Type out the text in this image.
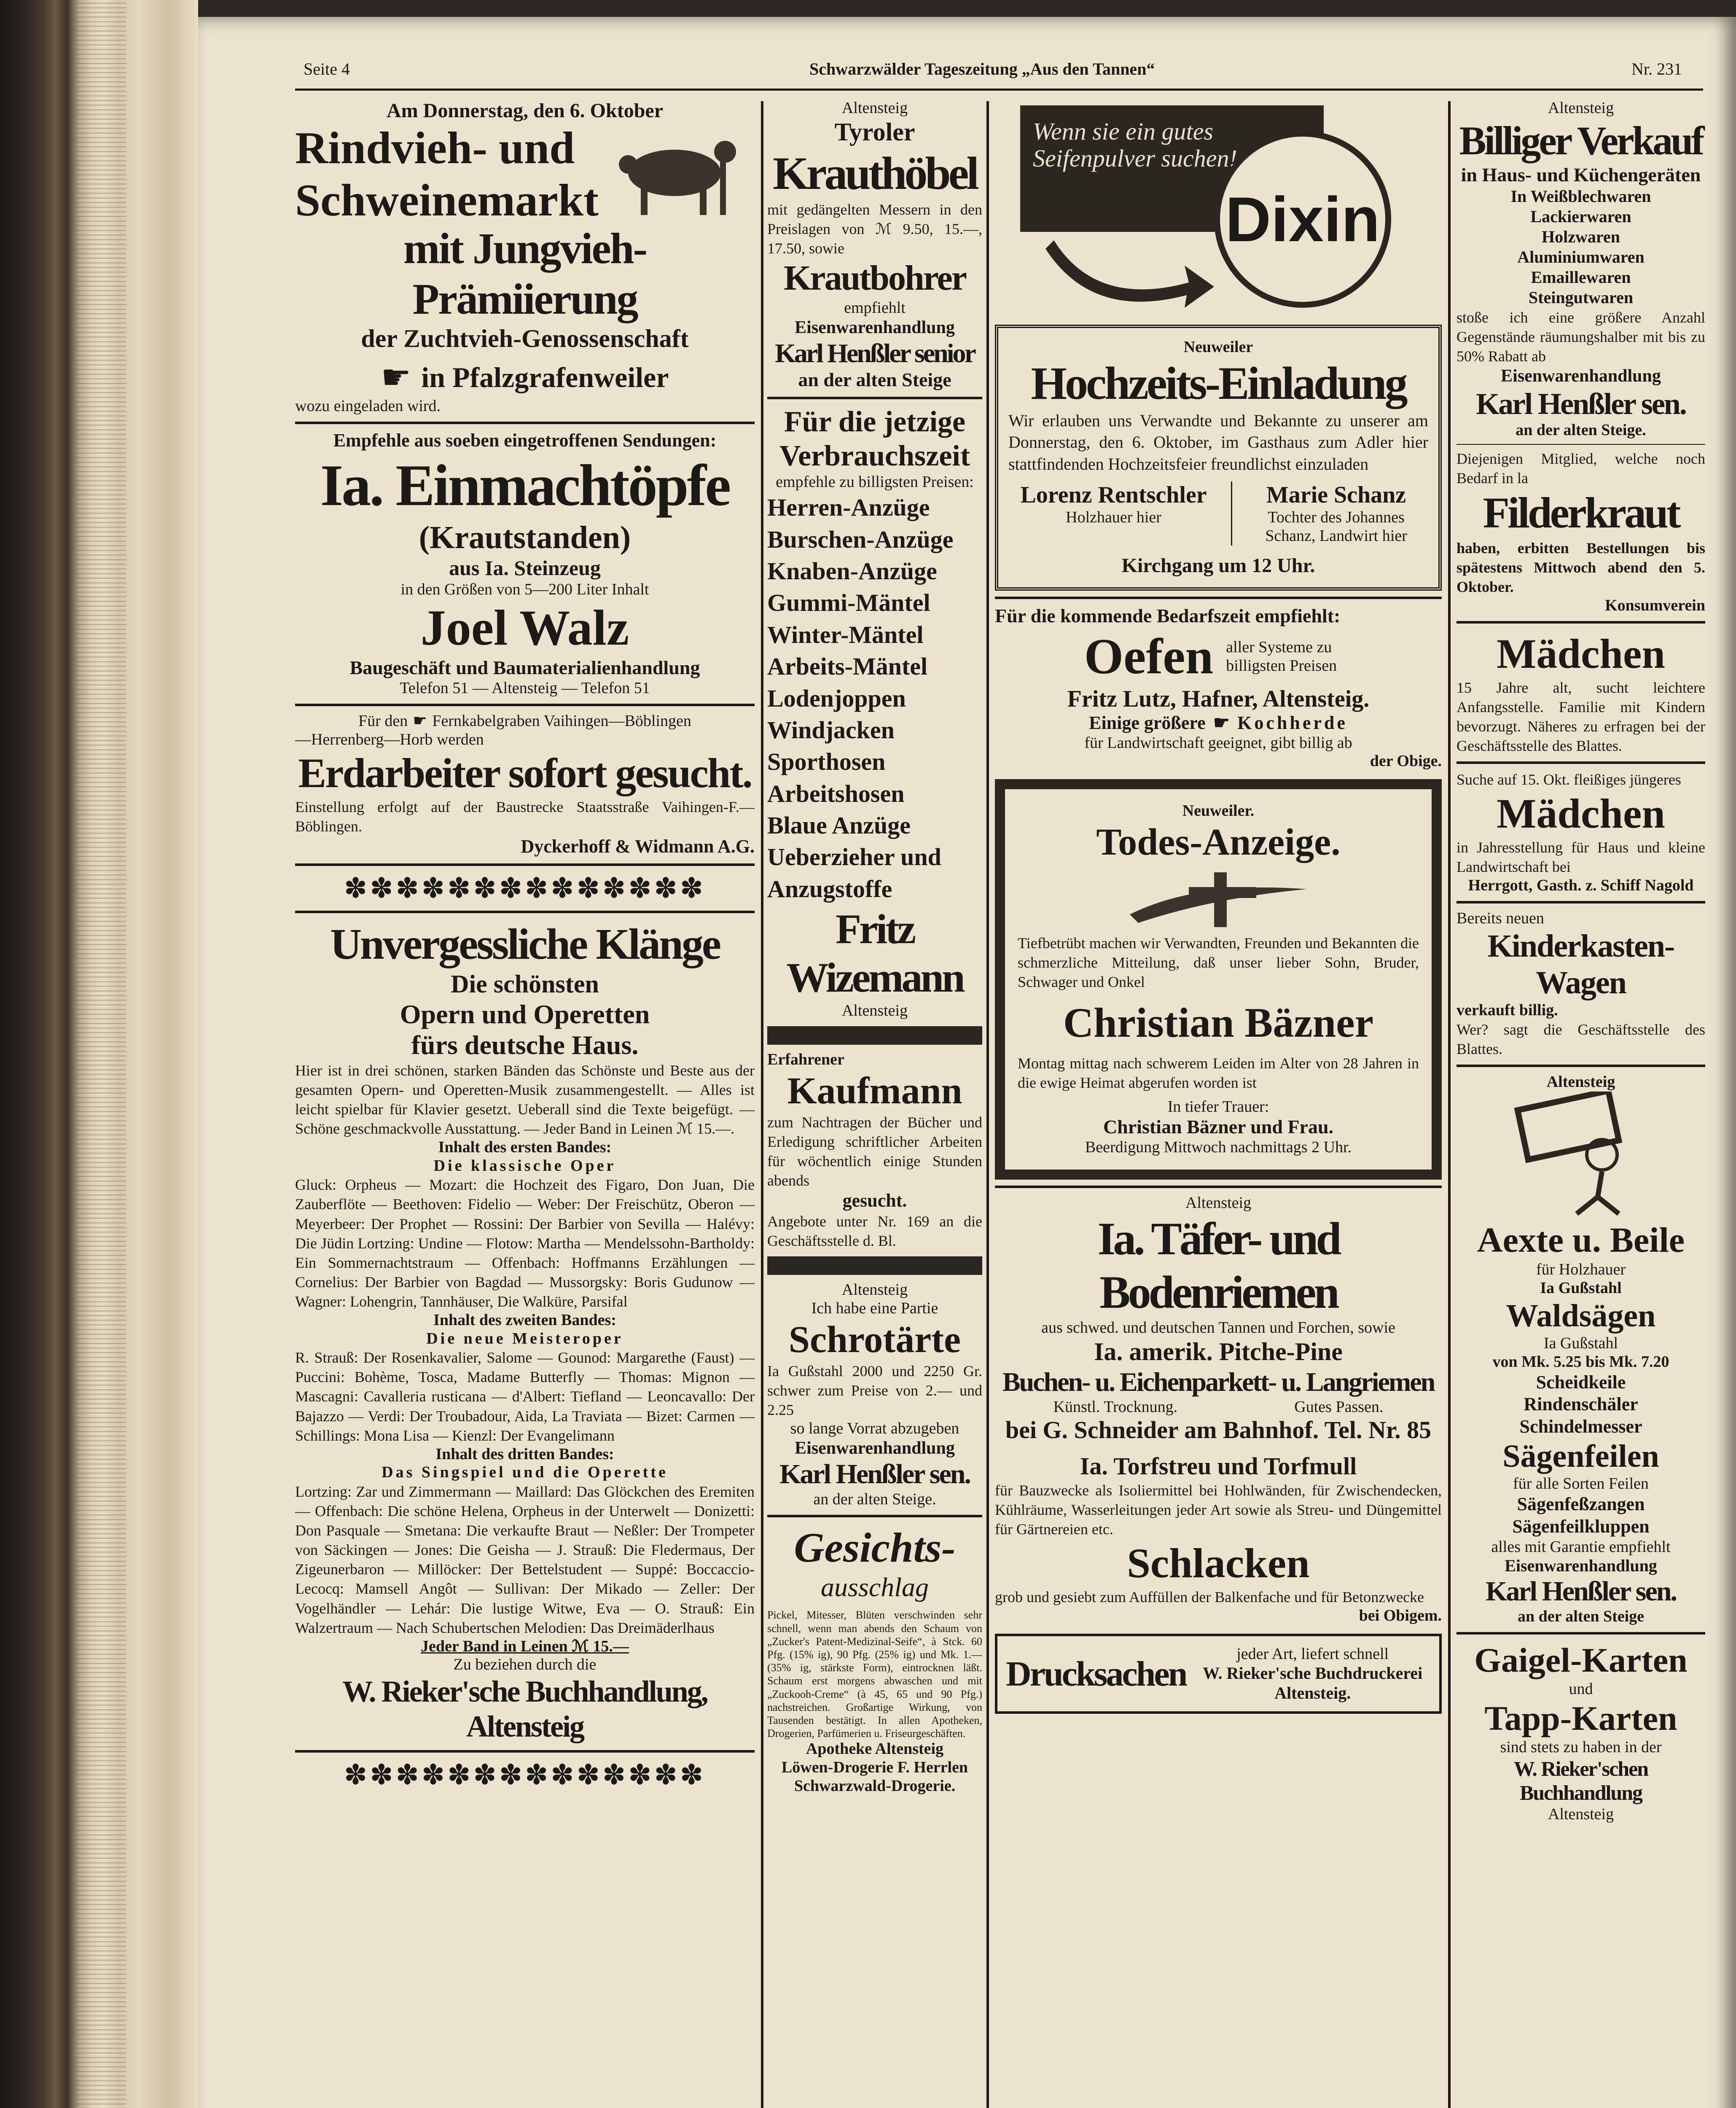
Seite 4	Schwarzwälder Tageszeitung „Aus den Tannen“	Nr. 231
Am Donnerstag, den 6. Oktober
Rindvieh- und
Schweinemarkt
mit Jungvieh-Prämiierung
der Zuchtvieh-Genossenschaft
☛ in Pfalzgrafenweiler
wozu eingeladen wird.
Empfehle aus soeben eingetroffenen Sendungen:
Ia. Einmachtöpfe
(Krautstanden)
aus Ia. Steinzeug
in den Größen von 5—200 Liter Inhalt
Joel Walz
Baugeschäft und Baumaterialienhandlung
Telefon 51 — Altensteig — Telefon 51
Für den ☛ Fernkabelgraben Vaihingen—Böblingen
—Herrenberg—Horb werden
Erdarbeiter sofort gesucht.
Einstellung erfolgt auf der Baustrecke Staatsstraße Vaihingen-F.—Böblingen.
Dyckerhoff & Widmann A.G.
✽✽✽✽✽✽✽✽✽✽✽✽✽✽
Unvergessliche Klänge
Die schönsten
Opern und Operetten
fürs deutsche Haus.
Hier ist in drei schönen, starken Bänden das Schönste und Beste aus der gesamten Opern- und Operetten-Musik zusammengestellt. — Alles ist leicht spielbar für Klavier gesetzt. Ueberall sind die Texte beigefügt. — Schöne geschmackvolle Ausstattung. — Jeder Band in Leinen ℳ 15.—.
Inhalt des ersten Bandes:
Die klassische Oper
Gluck: Orpheus — Mozart: die Hochzeit des Figaro, Don Juan, Die Zauberflöte — Beethoven: Fidelio — Weber: Der Freischütz, Oberon — Meyerbeer: Der Prophet — Rossini: Der Barbier von Sevilla — Halévy: Die Jüdin Lortzing: Undine — Flotow: Martha — Mendelssohn-Bartholdy: Ein Sommernachtstraum — Offenbach: Hoffmanns Erzählungen — Cornelius: Der Barbier von Bagdad — Mussorgsky: Boris Gudunow — Wagner: Lohengrin, Tannhäuser, Die Walküre, Parsifal
Inhalt des zweiten Bandes:
Die neue Meisteroper
R. Strauß: Der Rosenkavalier, Salome — Gounod: Margarethe (Faust) — Puccini: Bohème, Tosca, Madame Butterfly — Thomas: Mignon — Mascagni: Cavalleria rusticana — d'Albert: Tiefland — Leoncavallo: Der Bajazzo — Verdi: Der Troubadour, Aida, La Traviata — Bizet: Carmen — Schillings: Mona Lisa — Kienzl: Der Evangelimann
Inhalt des dritten Bandes:
Das Singspiel und die Operette
Lortzing: Zar und Zimmermann — Maillard: Das Glöckchen des Eremiten — Offenbach: Die schöne Helena, Orpheus in der Unterwelt — Donizetti: Don Pasquale — Smetana: Die verkaufte Braut — Neßler: Der Trompeter von Säckingen — Jones: Die Geisha — J. Strauß: Die Fledermaus, Der Zigeunerbaron — Millöcker: Der Bettelstudent — Suppé: Boccaccio-Lecocq: Mamsell Angôt — Sullivan: Der Mikado — Zeller: Der Vogelhändler — Lehár: Die lustige Witwe, Eva — O. Strauß: Ein Walzertraum — Nach Schubertschen Melodien: Das Dreimäderlhaus
Jeder Band in Leinen ℳ 15.—
Zu beziehen durch die
W. Rieker'sche Buchhandlung, Altensteig
✽✽✽✽✽✽✽✽✽✽✽✽✽✽
Altensteig
Tyroler
Krauthöbel
mit gedängelten Messern in den Preislagen von ℳ 9.50, 15.—, 17.50, sowie
Krautbohrer
empfiehlt
Eisenwarenhandlung
Karl Henßler senior
an der alten Steige
Für die jetzige Verbrauchszeit
empfehle zu billigsten Preisen:
Herren-Anzüge
Burschen-Anzüge
Knaben-Anzüge
Gummi-Mäntel
Winter-Mäntel
Arbeits-Mäntel
Lodenjoppen
Windjacken
Sporthosen
Arbeitshosen
Blaue Anzüge
Ueberzieher und Anzugstoffe
Fritz Wizemann
Altensteig
Erfahrener
Kaufmann
zum Nachtragen der Bücher und Erledigung schriftlicher Arbeiten für wöchentlich einige Stunden abends
gesucht.
Angebote unter Nr. 169 an die Geschäftsstelle d. Bl.
Altensteig
Ich habe eine Partie
Schrotärte
Ia Gußstahl 2000 und 2250 Gr. schwer zum Preise von 2.— und 2.25
so lange Vorrat abzugeben
Eisenwarenhandlung
Karl Henßler sen.
an der alten Steige.
Gesichts-
ausschlag
Pickel, Mitesser, Blüten verschwinden sehr schnell, wenn man abends den Schaum von „Zucker's Patent-Medizinal-Seife“, à Stck. 60 Pfg. (15% ig), 90 Pfg. (25% ig) und Mk. 1.— (35% ig, stärkste Form), eintrocknen läßt. Schaum erst morgens abwaschen und mit „Zuckooh-Creme“ (à 45, 65 und 90 Pfg.) nachstreichen. Großartige Wirkung, von Tausenden bestätigt. In allen Apotheken, Drogerien, Parfümerien u. Friseurgeschäften.
Apotheke Altensteig
Löwen-Drogerie F. Herrlen
Schwarzwald-Drogerie.
Wenn sie ein gutes Seifenpulver suchen!
Dixin
Neuweiler
Hochzeits-Einladung
Wir erlauben uns Verwandte und Bekannte zu unserer am Donnerstag, den 6. Oktober, im Gasthaus zum Adler hier stattfindenden Hochzeitsfeier freundlichst einzuladen
Lorenz Rentschler
Holzhauer hier
Marie Schanz
Tochter des Johannes Schanz, Landwirt hier
Kirchgang um 12 Uhr.
Für die kommende Bedarfszeit empfiehlt:
Oefen aller Systeme zu billigsten Preisen
Fritz Lutz, Hafner, Altensteig.
Einige größere ☛ Kochherde
für Landwirtschaft geeignet, gibt billig ab
der Obige.
Neuweiler.
Todes-Anzeige.
Tiefbetrübt machen wir Verwandten, Freunden und Bekannten die schmerzliche Mitteilung, daß unser lieber Sohn, Bruder, Schwager und Onkel
Christian Bäzner
Montag mittag nach schwerem Leiden im Alter von 28 Jahren in die ewige Heimat abgerufen worden ist
In tiefer Trauer:
Christian Bäzner und Frau.
Beerdigung Mittwoch nachmittags 2 Uhr.
Altensteig
Ia. Täfer- und Bodenriemen
aus schwed. und deutschen Tannen und Forchen, sowie
Ia. amerik. Pitche-Pine
Buchen- u. Eichenparkett- u. Langriemen
Künstl. Trocknung.	Gutes Passen.
bei G. Schneider am Bahnhof. Tel. Nr. 85
Ia. Torfstreu und Torfmull
für Bauzwecke als Isoliermittel bei Hohlwänden, für Zwischendecken, Kühlräume, Wasserleitungen jeder Art sowie als Streu- und Düngemittel für Gärtnereien etc.
Schlacken
grob und gesiebt zum Auffüllen der Balkenfache und für Betonzwecke
bei Obigem.
Drucksachen
jeder Art, liefert schnell
W. Rieker'sche Buchdruckerei Altensteig.
Altensteig
Billiger Verkauf
in Haus- und Küchengeräten
In Weißblechwaren
Lackierwaren
Holzwaren
Aluminiumwaren
Emaillewaren
Steingutwaren
stoße ich eine größere Anzahl Gegenstände räumungshalber mit bis zu 50% Rabatt ab
Eisenwarenhandlung
Karl Henßler sen.
an der alten Steige.
Diejenigen Mitglied, welche noch Bedarf in la
Filderkraut
haben, erbitten Bestellungen bis spätestens Mittwoch abend den 5. Oktober.
Konsumverein
Mädchen
15 Jahre alt, sucht leichtere Anfangsstelle. Familie mit Kindern bevorzugt. Näheres zu erfragen bei der Geschäftsstelle des Blattes.
Suche auf 15. Okt. fleißiges jüngeres
Mädchen
in Jahresstellung für Haus und kleine Landwirtschaft bei
Herrgott, Gasth. z. Schiff Nagold
Bereits neuen
Kinderkasten-Wagen
verkauft billig.
Wer? sagt die Geschäftsstelle des Blattes.
Altensteig
Aexte u. Beile
für Holzhauer
Ia Gußstahl
Waldsägen
Ia Gußstahl
von Mk. 5.25 bis Mk. 7.20
Scheidkeile
Rindenschäler
Schindelmesser
Sägenfeilen
für alle Sorten Feilen
Sägenfeßzangen
Sägenfeilkluppen
alles mit Garantie empfiehlt
Eisenwarenhandlung
Karl Henßler sen.
an der alten Steige
Gaigel-Karten
und
Tapp-Karten
sind stets zu haben in der
W. Rieker'schen Buchhandlung
Altensteig
